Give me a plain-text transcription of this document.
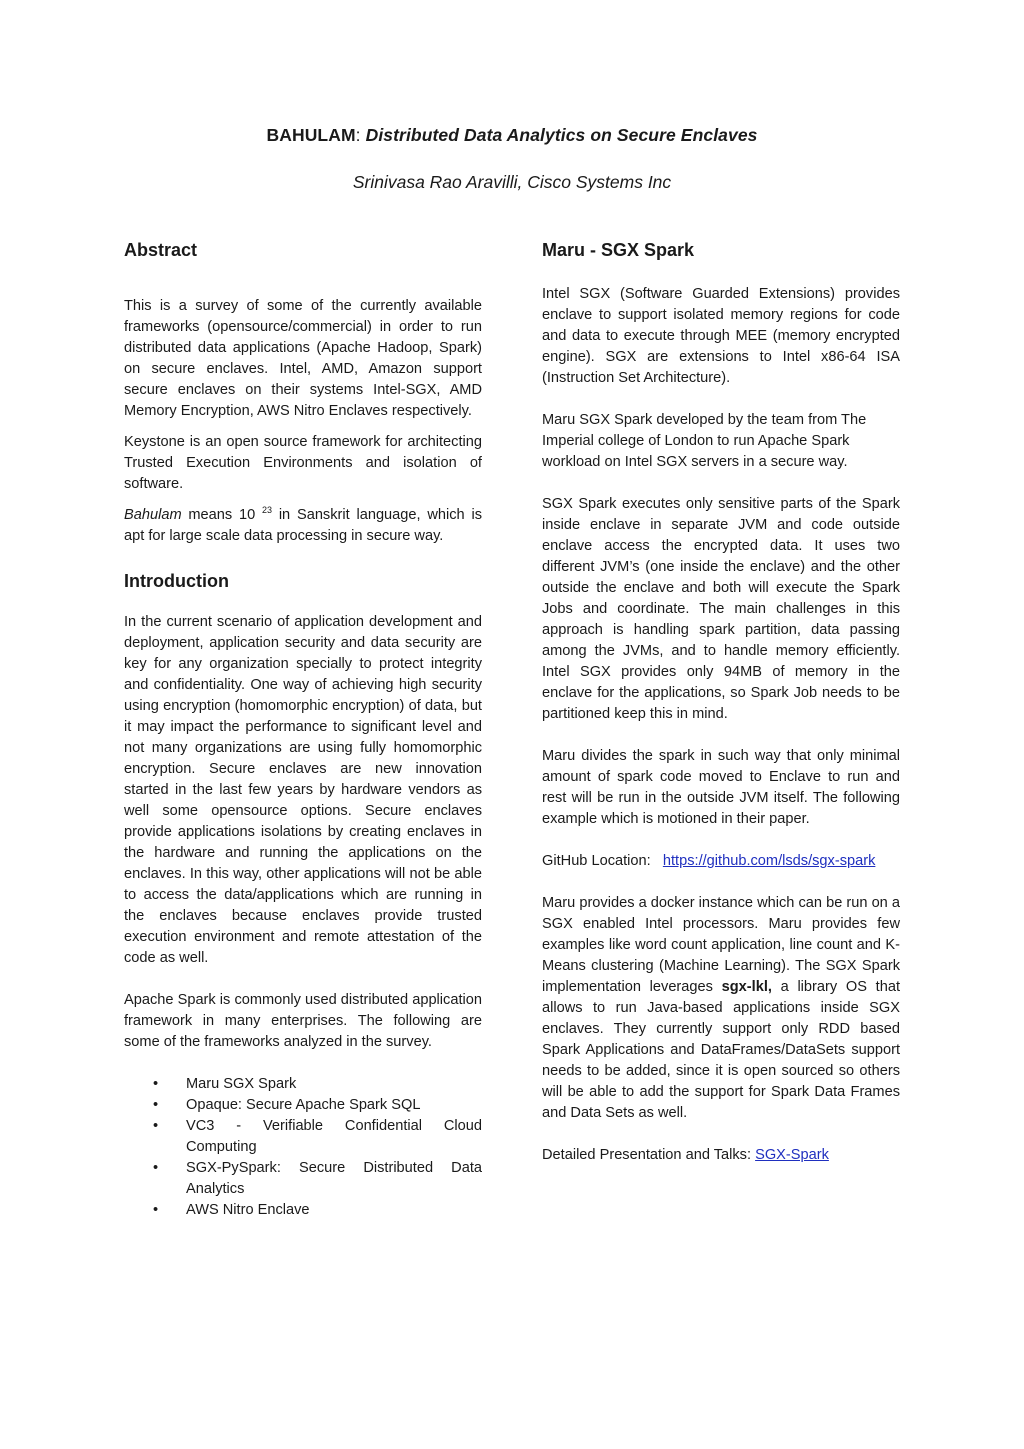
BAHULAM: Distributed Data Analytics on Secure Enclaves
Srinivasa Rao Aravilli, Cisco Systems Inc
Abstract

This is a survey of some of the currently available frameworks (opensource/commercial) in order to run distributed data applications (Apache Hadoop, Spark) on secure enclaves. Intel, AMD, Amazon support secure enclaves on their systems Intel-SGX, AMD Memory Encryption, AWS Nitro Enclaves respectively.

Keystone is an open source framework for architecting Trusted Execution Environments and isolation of software.

Bahulam means 10 $^{23}$ in Sanskrit language, which is apt for large scale data processing in secure way.

Introduction

In the current scenario of application development and deployment, application security and data security are key for any organization specially to protect integrity and confidentiality. One way of achieving high security using encryption (homomorphic encryption) of data, but it may impact the performance to significant level and not many organizations are using fully homomorphic encryption. Secure enclaves are new innovation started in the last few years by hardware vendors as well some opensource options. Secure enclaves provide applications isolations by creating enclaves in the hardware and running the applications on the enclaves. In this way, other applications will not be able to access the data/applications which are running in the enclaves because enclaves provide trusted execution environment and remote attestation of the code as well.

Apache Spark is commonly used distributed application framework in many enterprises. The following are some of the frameworks analyzed in the survey.

• Maru SGX Spark
• Opaque: Secure Apache Spark SQL
• VC3 - Verifiable Confidential Cloud Computing
• SGX-PySpark: Secure Distributed Data Analytics
• AWS Nitro Enclave
Maru - SGX Spark

Intel SGX (Software Guarded Extensions) provides enclave to support isolated memory regions for code and data to execute through MEE (memory encrypted engine). SGX are extensions to Intel x86-64 ISA (Instruction Set Architecture).

Maru SGX Spark developed by the team from The Imperial college of London to run Apache Spark workload on Intel SGX servers in a secure way.

SGX Spark executes only sensitive parts of the Spark inside enclave in separate JVM and code outside enclave access the encrypted data. It uses two different JVM’s (one inside the enclave) and the other outside the enclave and both will execute the Spark Jobs and coordinate. The main challenges in this approach is handling spark partition, data passing among the JVMs, and to handle memory efficiently. Intel SGX provides only 94MB of memory in the enclave for the applications, so Spark Job needs to be partitioned keep this in mind.

Maru divides the spark in such way that only minimal amount of spark code moved to Enclave to run and rest will be run in the outside JVM itself. The following example which is motioned in their paper.

GitHub Location:   https://github.com/lsds/sgx-spark

Maru provides a docker instance which can be run on a SGX enabled Intel processors. Maru provides few examples like word count application, line count and K-Means clustering (Machine Learning). The SGX Spark implementation leverages sgx-lkl, a library OS that allows to run Java-based applications inside SGX enclaves. They currently support only RDD based Spark Applications and DataFrames/DataSets support needs to be added, since it is open sourced so others will be able to add the support for Spark Data Frames and Data Sets as well.

Detailed Presentation and Talks: SGX-Spark
